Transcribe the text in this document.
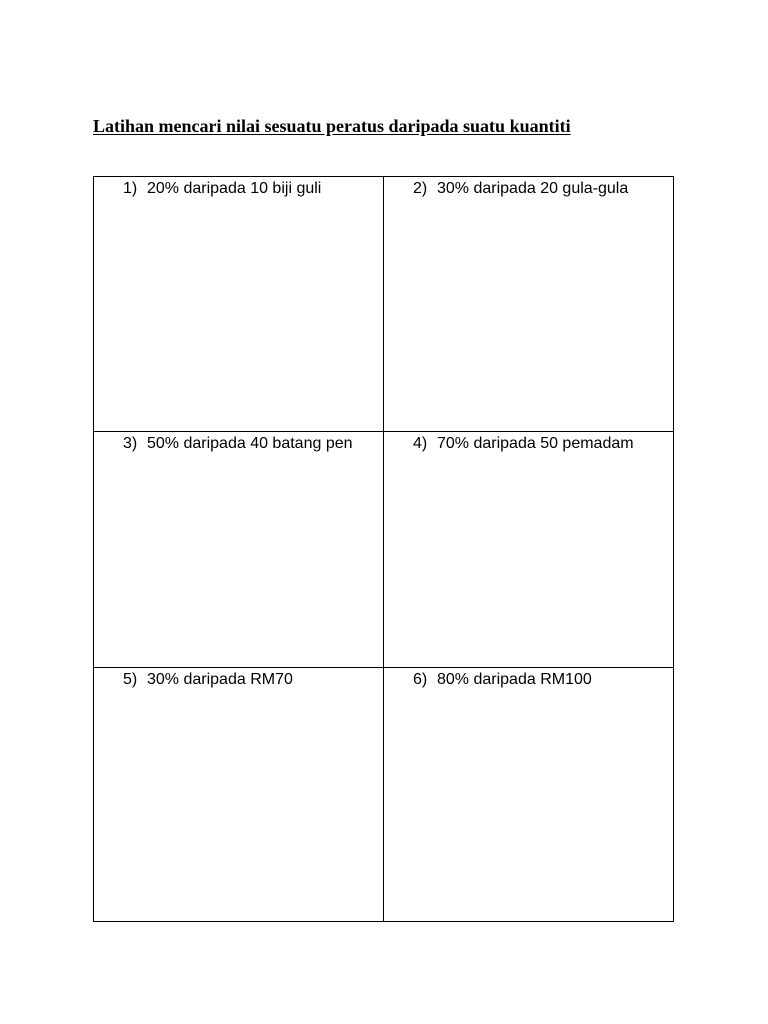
Latihan mencari nilai sesuatu peratus daripada suatu kuantiti
1) 20% daripada 10 biji guli	2) 30% daripada 20 gula-gula

3) 50% daripada 40 batang pen	4) 70% daripada 50 pemadam

5) 30% daripada RM70	6) 80% daripada RM100
